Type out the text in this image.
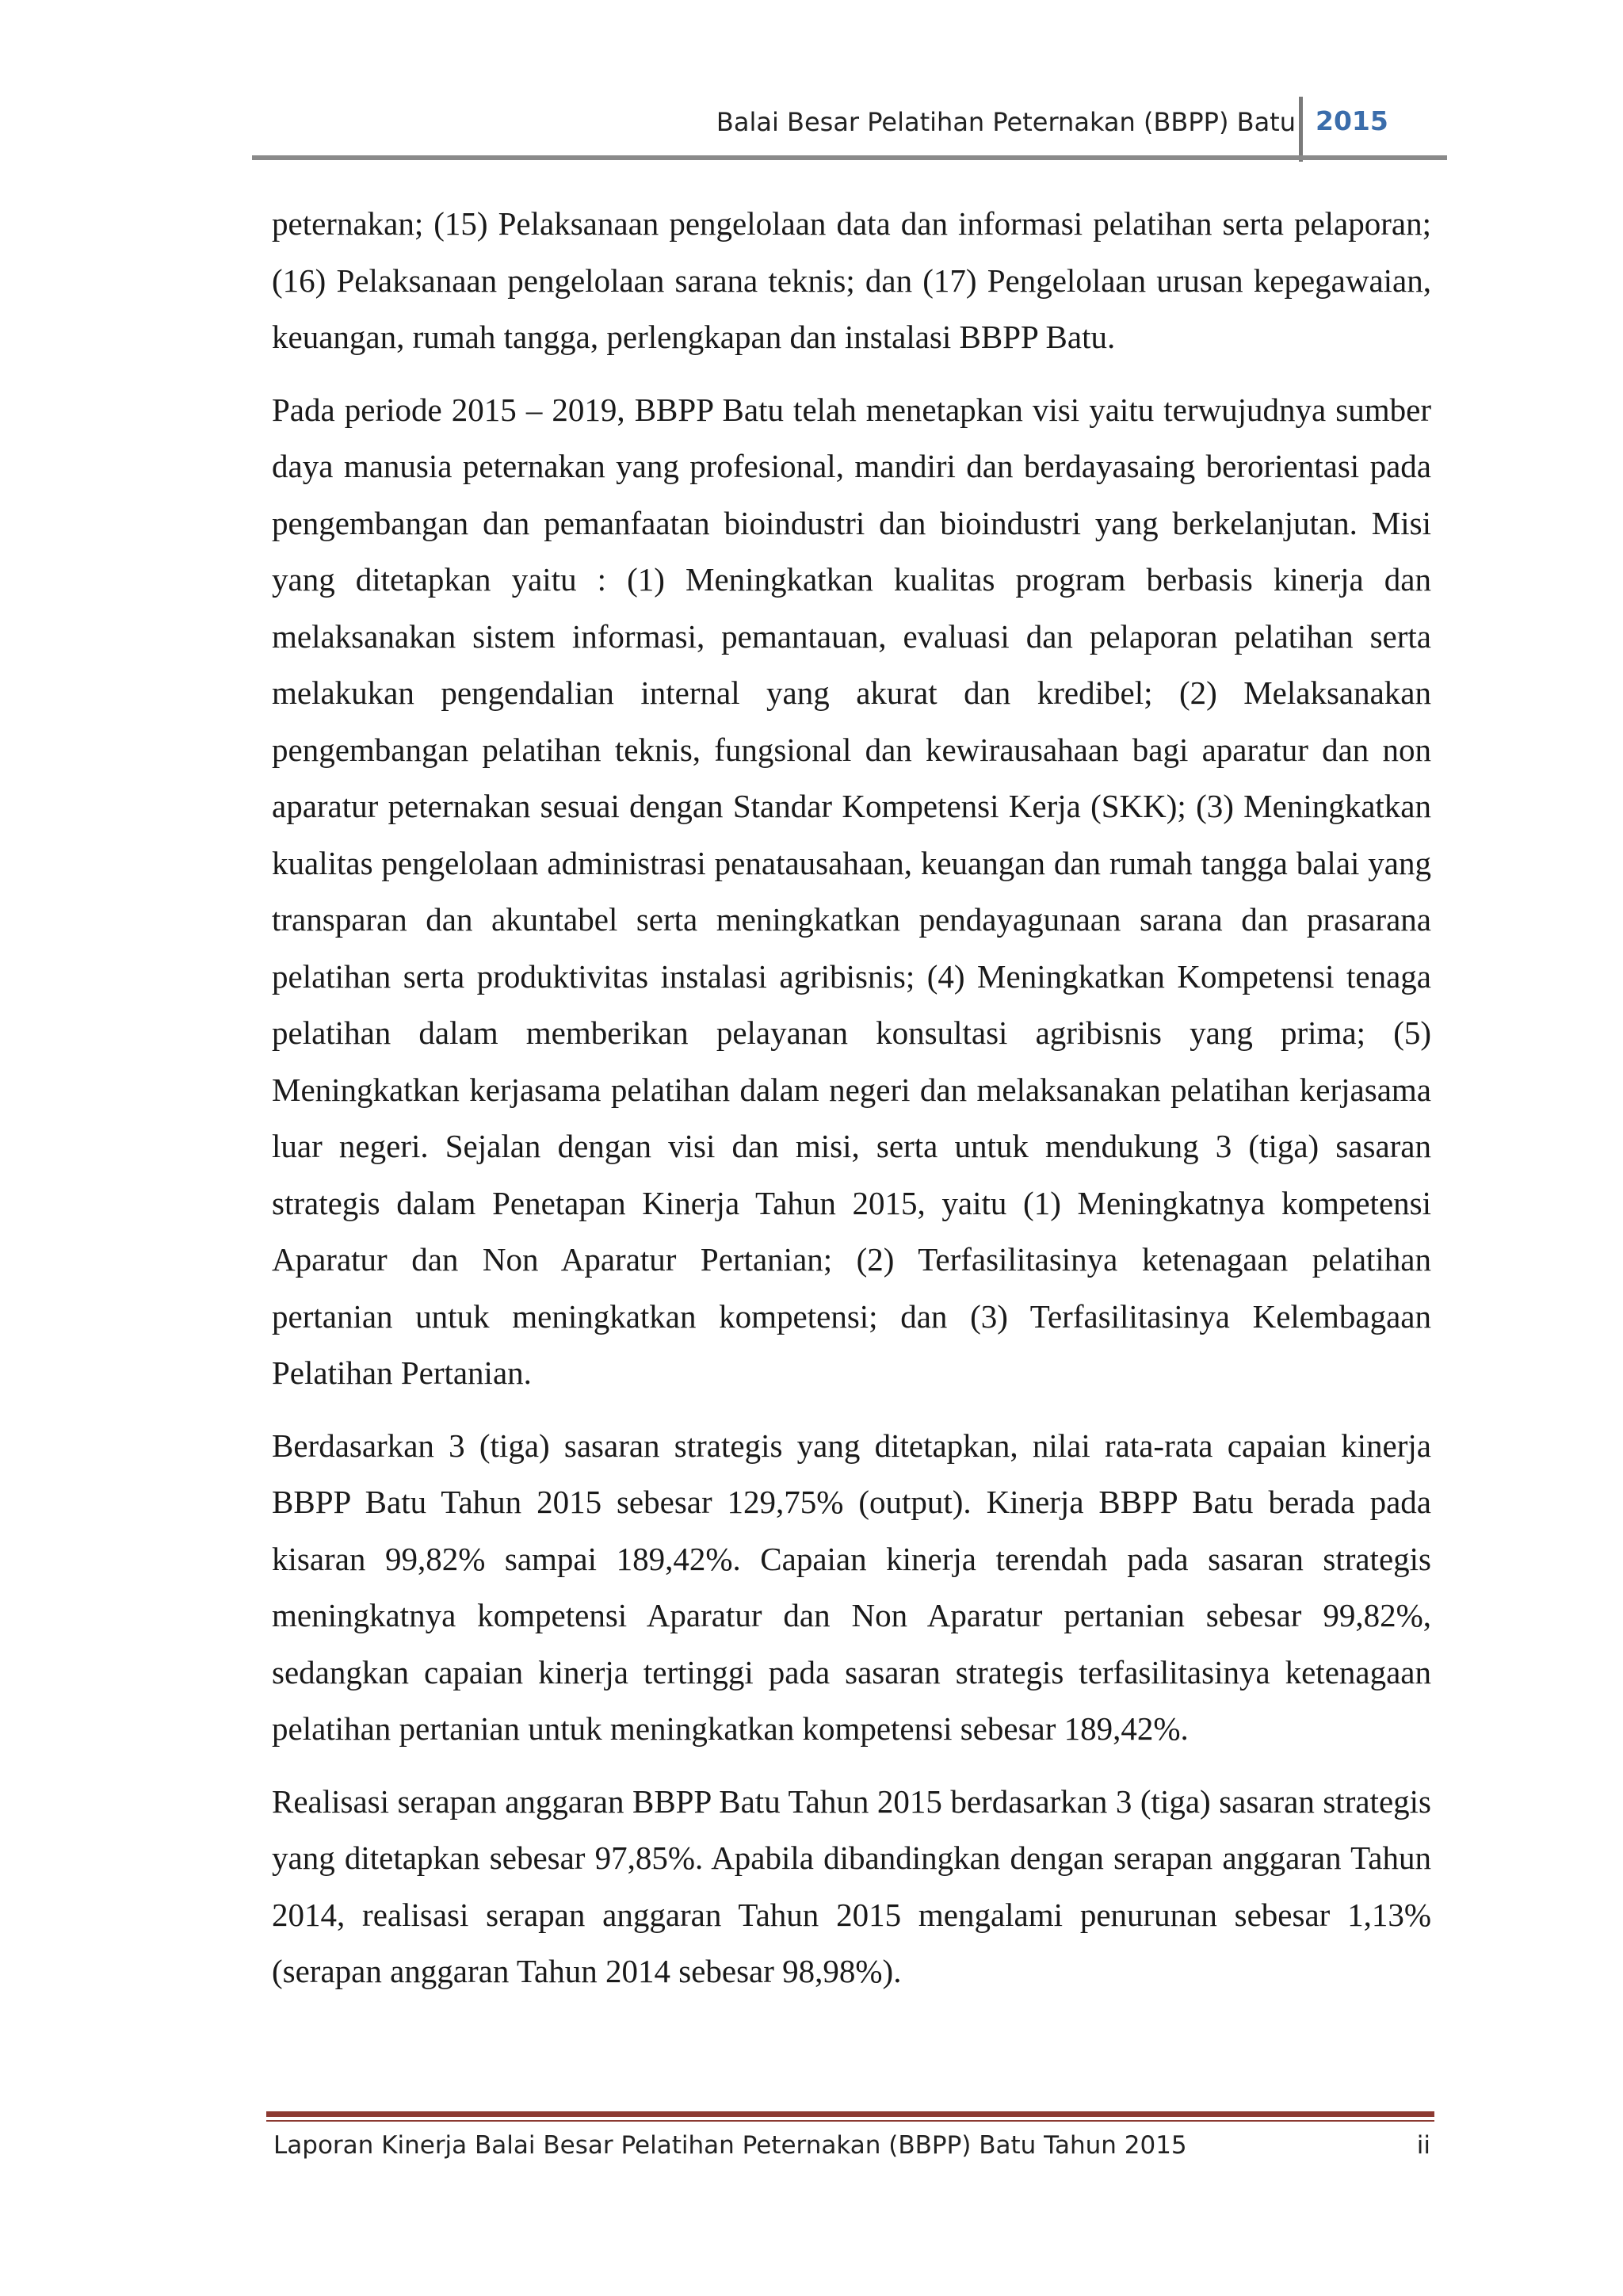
Balai Besar Pelatihan Peternakan (BBPP) Batu 2015

peternakan; (15) Pelaksanaan pengelolaan data dan informasi pelatihan serta pelaporan; (16) Pelaksanaan pengelolaan sarana teknis; dan (17) Pengelolaan urusan kepegawaian, keuangan, rumah tangga, perlengkapan dan instalasi BBPP Batu.

Pada periode 2015 – 2019, BBPP Batu telah menetapkan visi yaitu terwujudnya sumber daya manusia peternakan yang profesional, mandiri dan berdayasaing berorientasi pada pengembangan dan pemanfaatan bioindustri dan bioindustri yang berkelanjutan. Misi yang ditetapkan yaitu : (1) Meningkatkan kualitas program berbasis kinerja dan melaksanakan sistem informasi, pemantauan, evaluasi dan pelaporan pelatihan serta melakukan pengendalian internal yang akurat dan kredibel; (2) Melaksanakan pengembangan pelatihan teknis, fungsional dan kewirausahaan bagi aparatur dan non aparatur peternakan sesuai dengan Standar Kompetensi Kerja (SKK); (3) Meningkatkan kualitas pengelolaan administrasi penatausahaan, keuangan dan rumah tangga balai yang transparan dan akuntabel serta meningkatkan pendayagunaan sarana dan prasarana pelatihan serta produktivitas instalasi agribisnis; (4) Meningkatkan Kompetensi tenaga pelatihan dalam memberikan pelayanan konsultasi agribisnis yang prima; (5) Meningkatkan kerjasama pelatihan dalam negeri dan melaksanakan pelatihan kerjasama luar negeri. Sejalan dengan visi dan misi, serta untuk mendukung 3 (tiga) sasaran strategis dalam Penetapan Kinerja Tahun 2015, yaitu (1) Meningkatnya kompetensi Aparatur dan Non Aparatur Pertanian; (2) Terfasilitasinya ketenagaan pelatihan pertanian untuk meningkatkan kompetensi; dan (3) Terfasilitasinya Kelembagaan Pelatihan Pertanian.

Berdasarkan 3 (tiga) sasaran strategis yang ditetapkan, nilai rata-rata capaian kinerja BBPP Batu Tahun 2015 sebesar 129,75% (output). Kinerja BBPP Batu berada pada kisaran 99,82% sampai 189,42%. Capaian kinerja terendah pada sasaran strategis meningkatnya kompetensi Aparatur dan Non Aparatur pertanian sebesar 99,82%, sedangkan capaian kinerja tertinggi pada sasaran strategis terfasilitasinya ketenagaan pelatihan pertanian untuk meningkatkan kompetensi sebesar 189,42%.

Realisasi serapan anggaran BBPP Batu Tahun 2015 berdasarkan 3 (tiga) sasaran strategis yang ditetapkan sebesar 97,85%. Apabila dibandingkan dengan serapan anggaran Tahun 2014, realisasi serapan anggaran Tahun 2015 mengalami penurunan sebesar 1,13% (serapan anggaran Tahun 2014 sebesar 98,98%).

Laporan Kinerja Balai Besar Pelatihan Peternakan (BBPP) Batu Tahun 2015	ii
